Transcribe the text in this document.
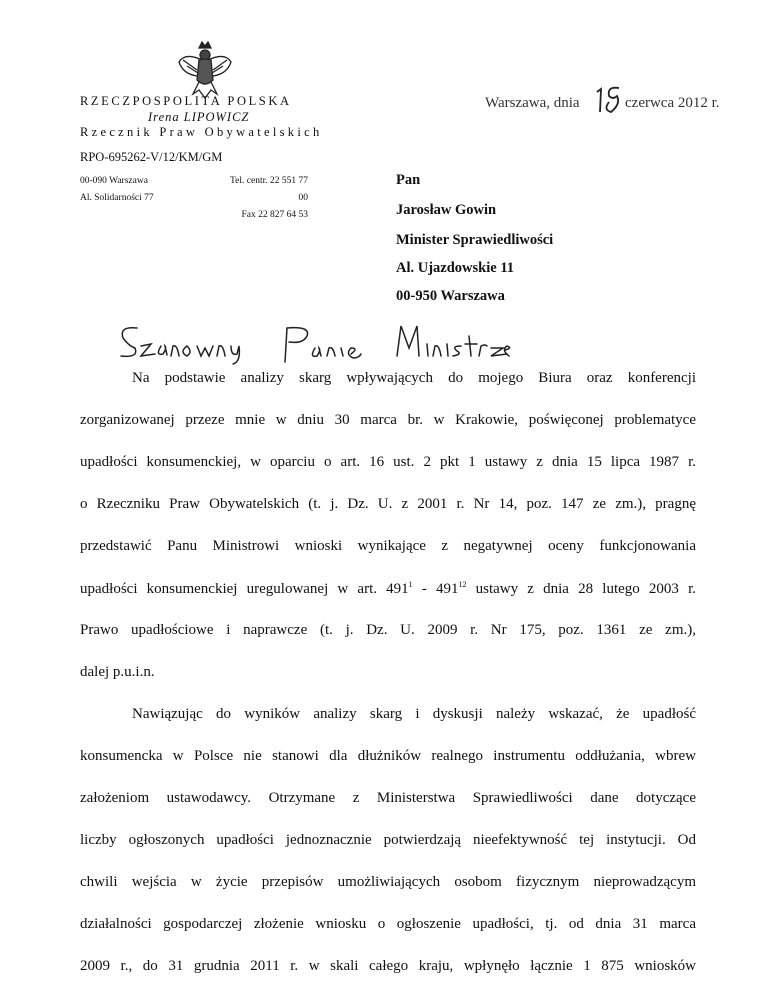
RZECZPOSPOLITA POLSKA
Irena LIPOWICZ
Rzecznik Praw Obywatelskich
RPO-695262-V/12/KM/GM
00-090 Warszawa
Al. Solidarności 77
Tel. centr. 22 551 77 00
Fax 22 827 64 53
Warszawa, dnia	czerwca 2012 r.
Pan
Jarosław Gowin
Minister Sprawiedliwości
Al. Ujazdowskie 11
00-950 Warszawa
Na podstawie analizy skarg wpływających do mojego Biura oraz konferencji
zorganizowanej przeze mnie w dniu 30 marca br. w Krakowie, poświęconej problematyce
upadłości konsumenckiej, w oparciu o art. 16 ust. 2 pkt 1 ustawy z dnia 15 lipca 1987 r.
o Rzeczniku Praw Obywatelskich (t. j. Dz. U. z 2001 r. Nr 14, poz. 147 ze zm.), pragnę
przedstawić Panu Ministrowi wnioski wynikające z negatywnej oceny funkcjonowania
upadłości konsumenckiej uregulowanej w art. $491^1 - 491^{12}$ ustawy z dnia 28 lutego 2003 r.
Prawo upadłościowe i naprawcze (t. j. Dz. U. 2009 r. Nr 175, poz. 1361 ze zm.),
dalej p.u.i.n.
Nawiązując do wyników analizy skarg i dyskusji należy wskazać, że upadłość
konsumencka w Polsce nie stanowi dla dłużników realnego instrumentu oddłużania, wbrew
założeniom ustawodawcy. Otrzymane z Ministerstwa Sprawiedliwości dane dotyczące
liczby ogłoszonych upadłości jednoznacznie potwierdzają nieefektywność tej instytucji. Od
chwili wejścia w życie przepisów umożliwiających osobom fizycznym nieprowadzącym
działalności gospodarczej złożenie wniosku o ogłoszenie upadłości, tj. od dnia 31 marca
2009 r., do 31 grudnia 2011 r. w skali całego kraju, wpłynęło łącznie 1 875 wniosków
